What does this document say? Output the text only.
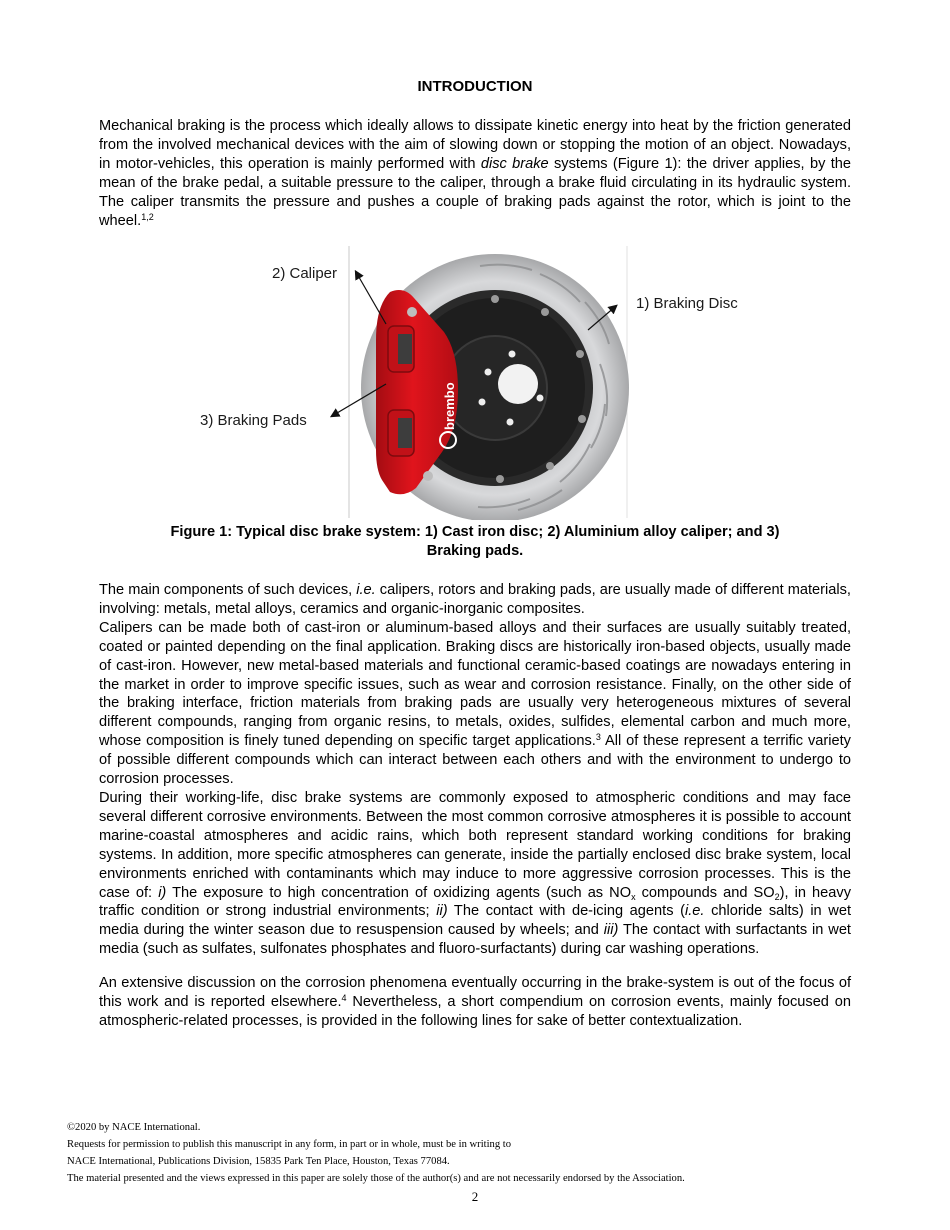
INTRODUCTION

Mechanical braking is the process which ideally allows to dissipate kinetic energy into heat by the friction generated from the involved mechanical devices with the aim of slowing down or stopping the motion of an object. Nowadays, in motor-vehicles, this operation is mainly performed with disc brake systems (Figure 1): the driver applies, by the mean of the brake pedal, a suitable pressure to the caliper, through a brake fluid circulating in its hydraulic system. The caliper transmits the pressure and pushes a couple of braking pads against the rotor, which is joint to the wheel.$^{1,2}$

brembo
2) Caliper
1) Braking Disc
3) Braking Pads
Figure 1: Typical disc brake system: 1) Cast iron disc; 2) Aluminium alloy caliper; and 3)
Braking pads.

The main components of such devices, i.e. calipers, rotors and braking pads, are usually made of different materials, involving: metals, metal alloys, ceramics and organic-inorganic composites.

Calipers can be made both of cast-iron or aluminum-based alloys and their surfaces are usually suitably treated, coated or painted depending on the final application. Braking discs are historically iron-based objects, usually made of cast-iron. However, new metal-based materials and functional ceramic-based coatings are nowadays entering in the market in order to improve specific issues, such as wear and corrosion resistance. Finally, on the other side of the braking interface, friction materials from braking pads are usually very heterogeneous mixtures of several different compounds, ranging from organic resins, to metals, oxides, sulfides, elemental carbon and much more, whose composition is finely tuned depending on specific target applications.$^3$ All of these represent a terrific variety of possible different compounds which can interact between each others and with the environment to undergo to corrosion processes.

During their working-life, disc brake systems are commonly exposed to atmospheric conditions and may face several different corrosive environments. Between the most common corrosive atmospheres it is possible to account marine-coastal atmospheres and acidic rains, which both represent standard working conditions for braking systems. In addition, more specific atmospheres can generate, inside the partially enclosed disc brake system, local environments enriched with contaminants which may induce to more aggressive corrosion processes. This is the case of: i) The exposure to high concentration of oxidizing agents (such as $NO_x$ compounds and $SO_2$), in heavy traffic condition or strong industrial environments; ii) The contact with de-icing agents (i.e. chloride salts) in wet media during the winter season due to resuspension caused by wheels; and iii) The contact with surfactants in wet media (such as sulfates, sulfonates phosphates and fluoro-surfactants) during car washing operations.

An extensive discussion on the corrosion phenomena eventually occurring in the brake-system is out of the focus of this work and is reported elsewhere.$^4$ Nevertheless, a short compendium on corrosion events, mainly focused on atmospheric-related processes, is provided in the following lines for sake of better contextualization.

©2020 by NACE International.
Requests for permission to publish this manuscript in any form, in part or in whole, must be in writing to
NACE International, Publications Division, 15835 Park Ten Place, Houston, Texas 77084.
The material presented and the views expressed in this paper are solely those of the author(s) and are not necessarily endorsed by the Association.
2
